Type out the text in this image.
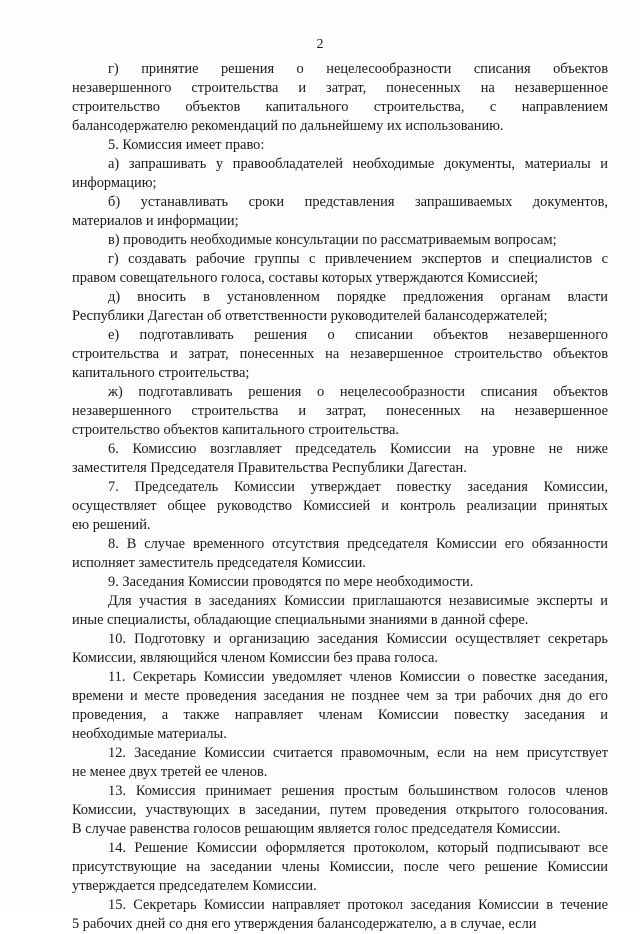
2
г) принятие решения о нецелесообразности списания объектов
незавершенного строительства и затрат, понесенных на незавершенное
строительство объектов капитального строительства, с направлением
балансодержателю рекомендаций по дальнейшему их использованию.
5. Комиссия имеет право:
а) запрашивать у правообладателей необходимые документы, материалы и
информацию;
б) устанавливать сроки представления запрашиваемых документов,
материалов и информации;
в) проводить необходимые консультации по рассматриваемым вопросам;
г) создавать рабочие группы с привлечением экспертов и специалистов с
правом совещательного голоса, составы которых утверждаются Комиссией;
д) вносить в установленном порядке предложения органам власти
Республики Дагестан об ответственности руководителей балансодержателей;
е) подготавливать решения о списании объектов незавершенного
строительства и затрат, понесенных на незавершенное строительство объектов
капитального строительства;
ж) подготавливать решения о нецелесообразности списания объектов
незавершенного строительства и затрат, понесенных на незавершенное
строительство объектов капитального строительства.
6. Комиссию возглавляет председатель Комиссии на уровне не ниже
заместителя Председателя Правительства Республики Дагестан.
7. Председатель Комиссии утверждает повестку заседания Комиссии,
осуществляет общее руководство Комиссией и контроль реализации принятых
ею решений.
8. В случае временного отсутствия председателя Комиссии его обязанности
исполняет заместитель председателя Комиссии.
9. Заседания Комиссии проводятся по мере необходимости.
Для участия в заседаниях Комиссии приглашаются независимые эксперты и
иные специалисты, обладающие специальными знаниями в данной сфере.
10. Подготовку и организацию заседания Комиссии осуществляет секретарь
Комиссии, являющийся членом Комиссии без права голоса.
11. Секретарь Комиссии уведомляет членов Комиссии о повестке заседания,
времени и месте проведения заседания не позднее чем за три рабочих дня до его
проведения, а также направляет членам Комиссии повестку заседания и
необходимые материалы.
12. Заседание Комиссии считается правомочным, если на нем присутствует
не менее двух третей ее членов.
13. Комиссия принимает решения простым большинством голосов членов
Комиссии, участвующих в заседании, путем проведения открытого голосования.
В случае равенства голосов решающим является голос председателя Комиссии.
14. Решение Комиссии оформляется протоколом, который подписывают все
присутствующие на заседании члены Комиссии, после чего решение Комиссии
утверждается председателем Комиссии.
15. Секретарь Комиссии направляет протокол заседания Комиссии в течение
5 рабочих дней со дня его утверждения балансодержателю, а в случае, если
